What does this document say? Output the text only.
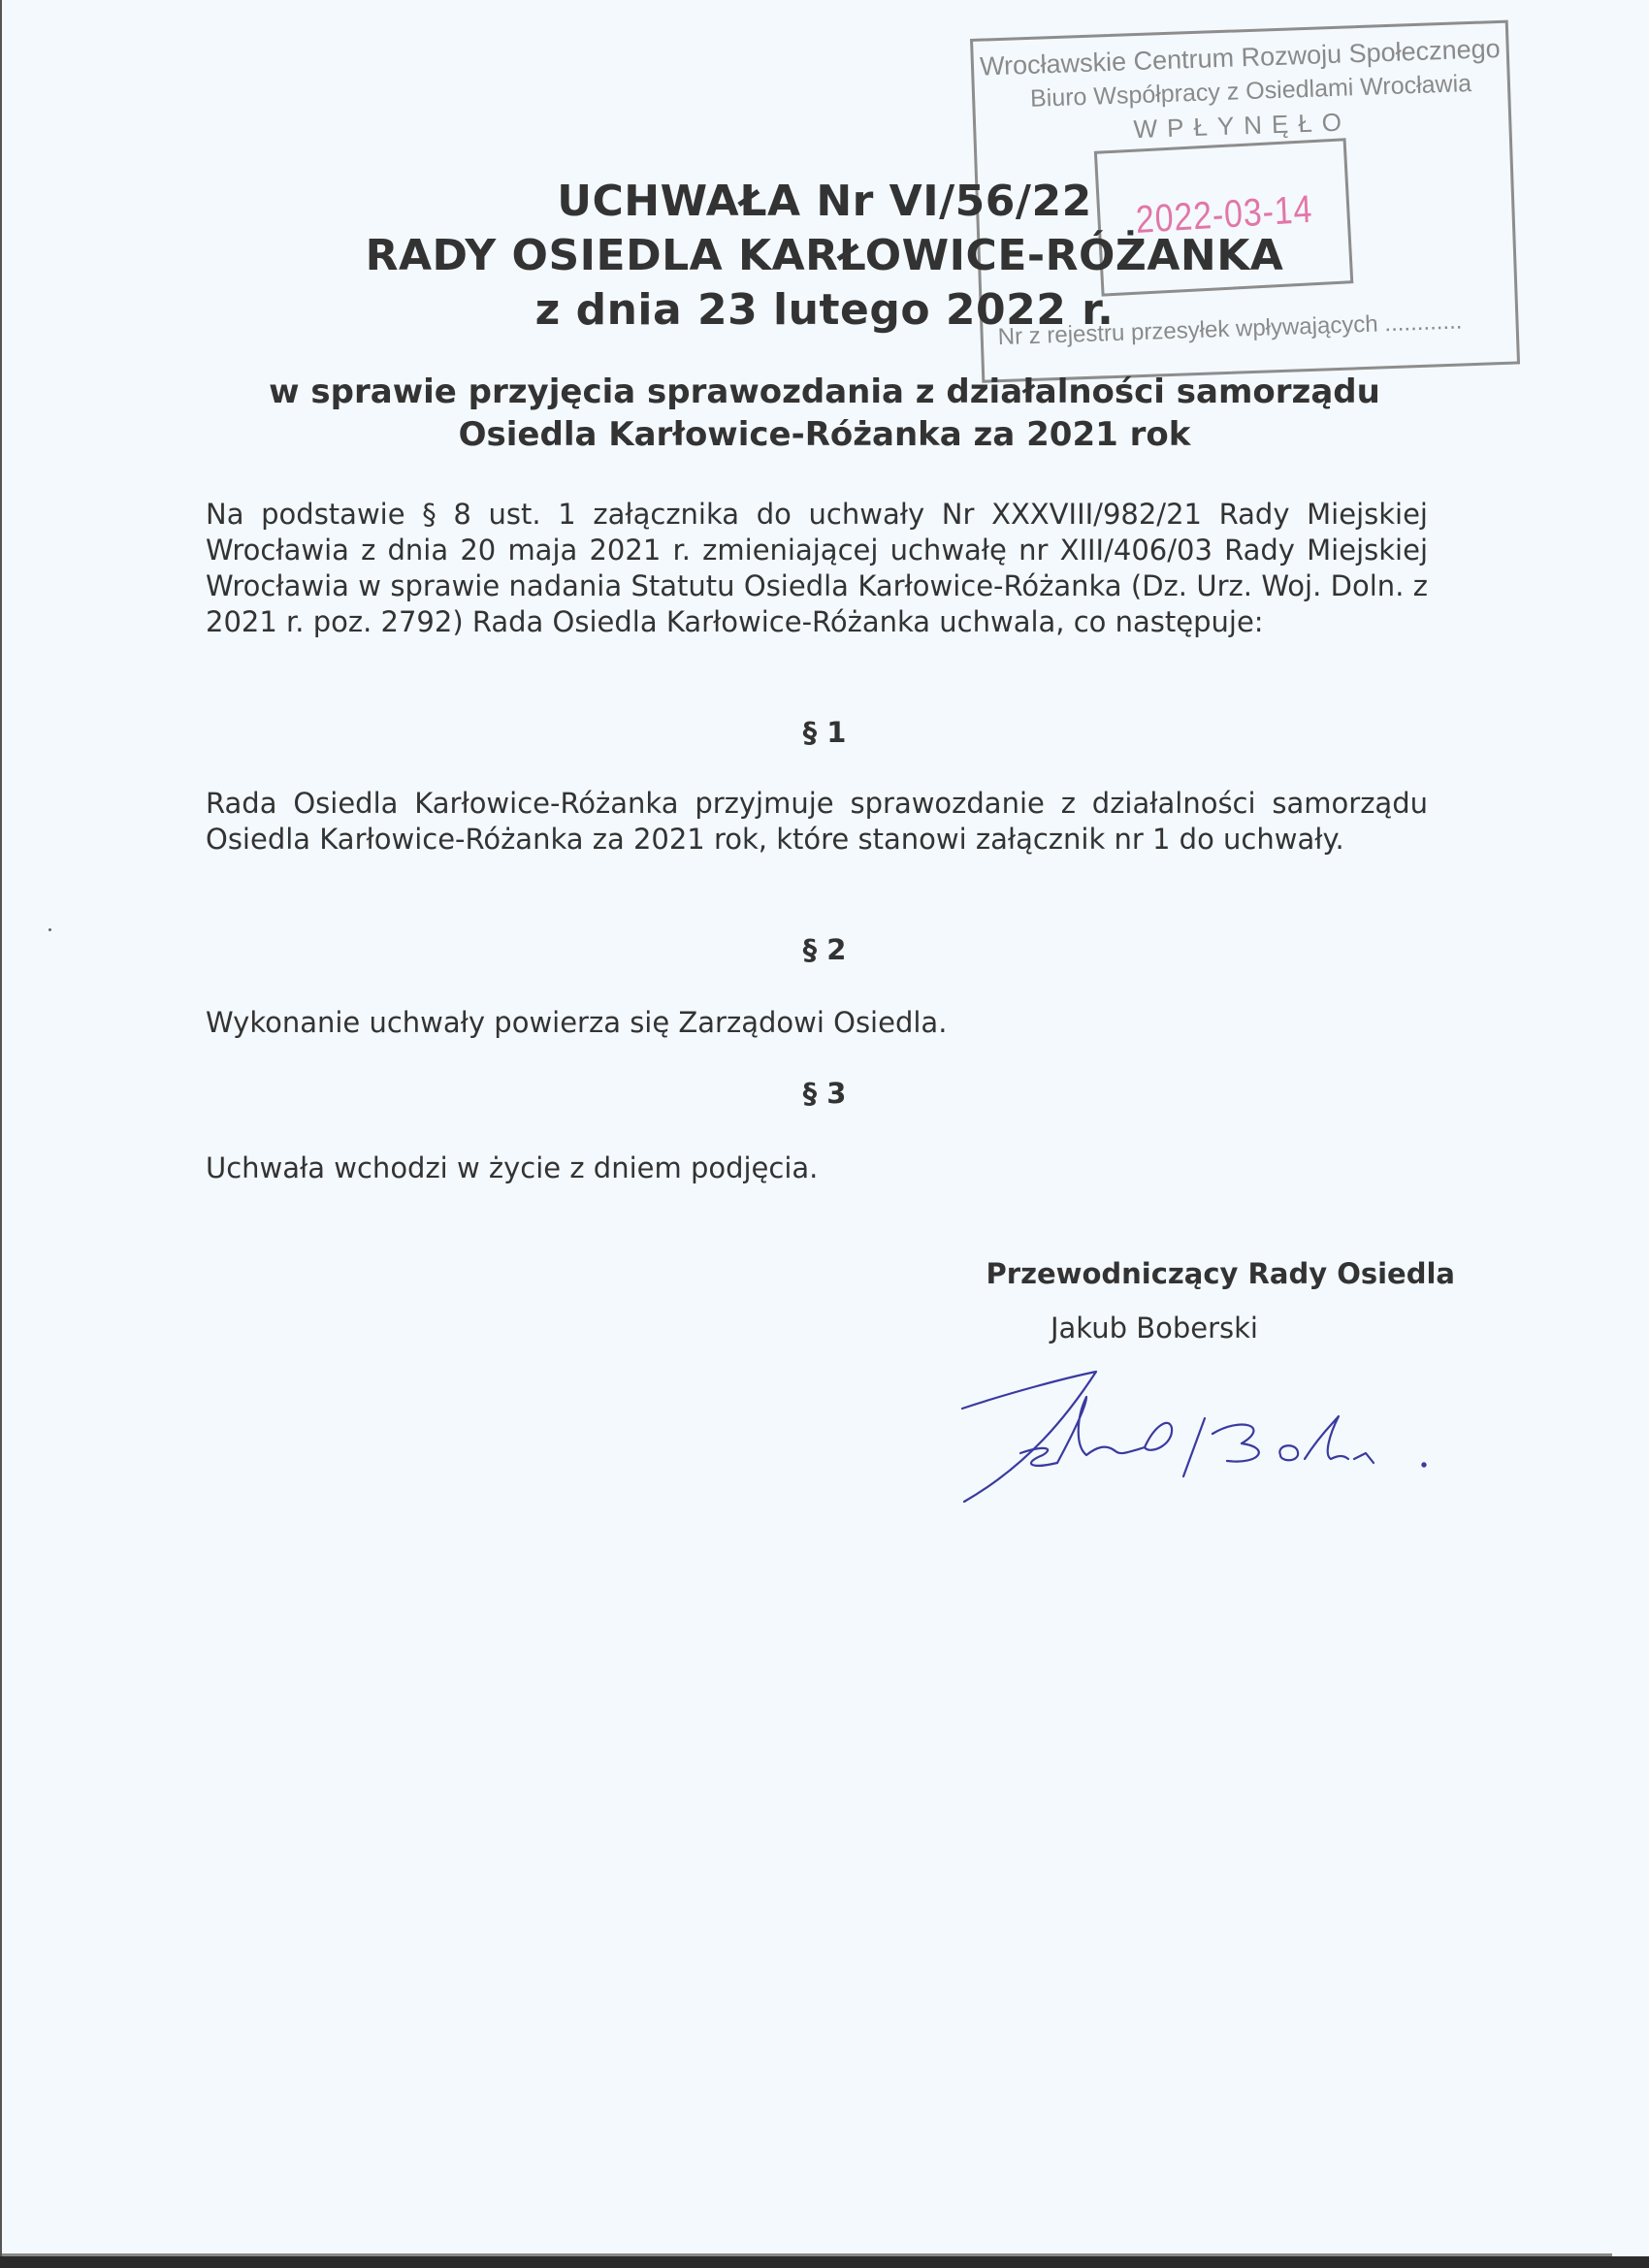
Wrocławskie Centrum Rozwoju Społecznego
Biuro Współpracy z Osiedlami Wrocławia
WPŁYNĘŁO
Nr z rejestru przesyłek wpływających ............
UCHWAŁA Nr VI/56/22
RADY OSIEDLA KARŁOWICE-RÓŻANKA
z dnia 23 lutego 2022 r.
2022-03-14
w sprawie przyjęcia sprawozdania z działalności samorządu
Osiedla Karłowice-Różanka za 2021 rok
Na podstawie § 8 ust. 1 załącznika do uchwały Nr XXXVIII/982/21 Rady Miejskiej Wrocławia z dnia 20 maja 2021 r. zmieniającej uchwałę nr XIII/406/03 Rady Miejskiej Wrocławia w sprawie nadania Statutu Osiedla Karłowice-Różanka (Dz. Urz. Woj. Doln. z 2021 r. poz. 2792) Rada Osiedla Karłowice-Różanka uchwala, co następuje:
§ 1
Rada Osiedla Karłowice-Różanka przyjmuje sprawozdanie z działalności samorządu Osiedla Karłowice-Różanka za 2021 rok, które stanowi załącznik nr 1 do uchwały.
§ 2
Wykonanie uchwały powierza się Zarządowi Osiedla.
§ 3
Uchwała wchodzi w życie z dniem podjęcia.
Przewodniczący Rady Osiedla
Jakub Boberski
